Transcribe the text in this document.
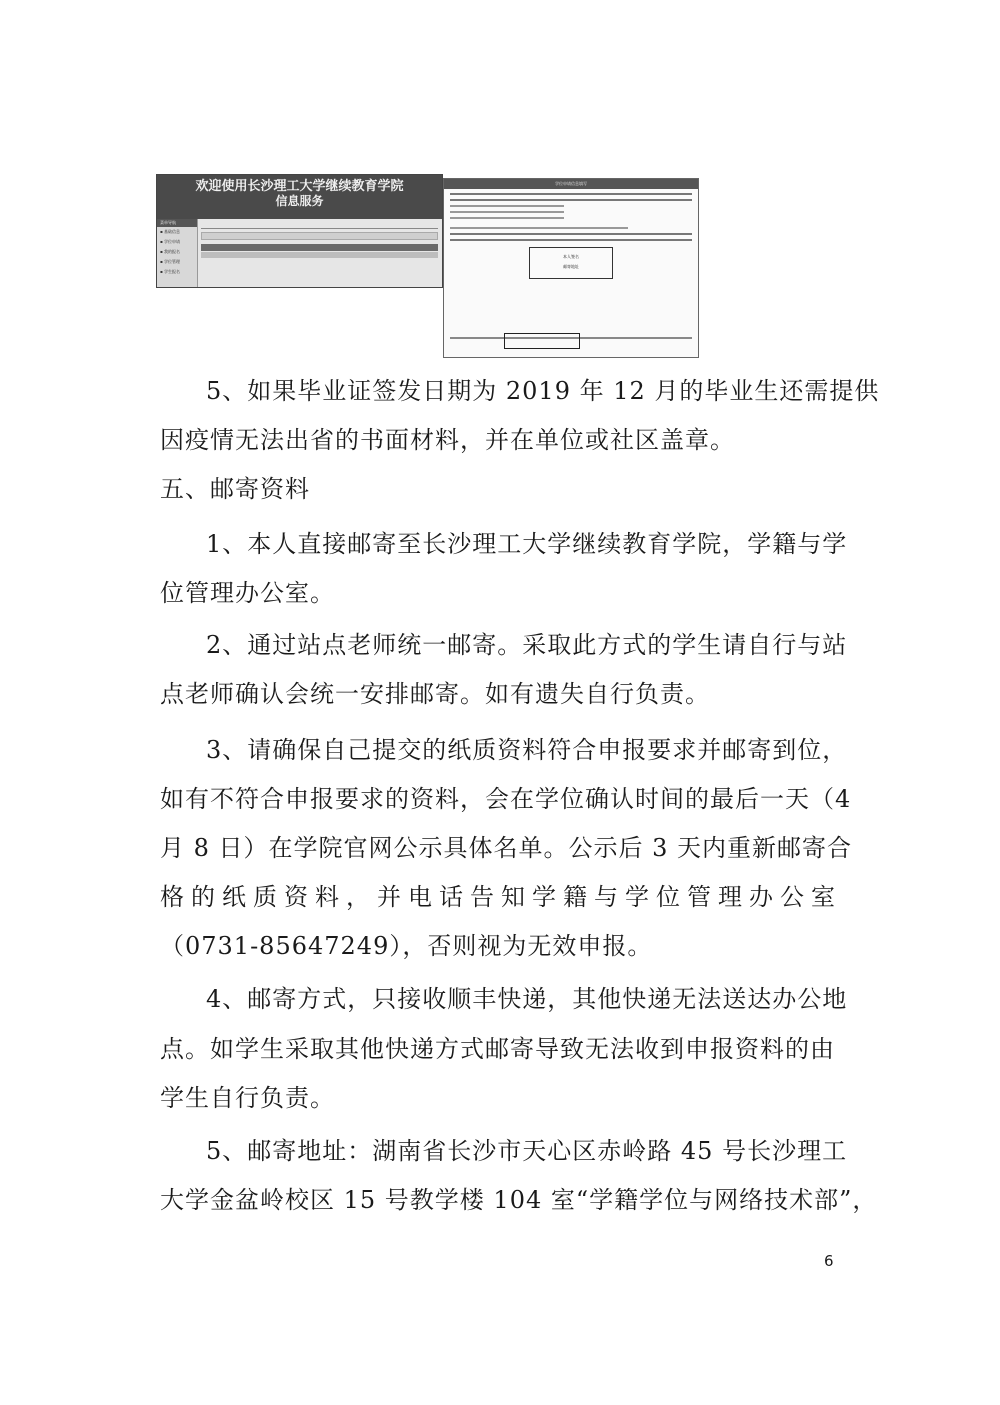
欢迎使用长沙理工大学继续教育学院
信息服务
菜单导航
▪ 基础信息
▪ 学位申请
▪ 我的报名
▪ 学位管理
▪ 学生报名

学位申请信息填写
本人签名
邮寄地址
5、如果毕业证签发日期为 2019 年 12 月的毕业生还需提供
因疫情无法出省的书面材料，并在单位或社区盖章。
五、邮寄资料
1、本人直接邮寄至长沙理工大学继续教育学院，学籍与学
位管理办公室。
2、通过站点老师统一邮寄。采取此方式的学生请自行与站
点老师确认会统一安排邮寄。如有遗失自行负责。
3、请确保自己提交的纸质资料符合申报要求并邮寄到位，
如有不符合申报要求的资料，会在学位确认时间的最后一天（4
月 8 日）在学院官网公示具体名单。公示后 3 天内重新邮寄合
格的纸质资料，并电话告知学籍与学位管理办公室
（0731-85647249），否则视为无效申报。
4、邮寄方式，只接收顺丰快递，其他快递无法送达办公地
点。如学生采取其他快递方式邮寄导致无法收到申报资料的由
学生自行负责。
5、邮寄地址：湖南省长沙市天心区赤岭路 45 号长沙理工
大学金盆岭校区 15 号教学楼 104 室“学籍学位与网络技术部”，
6
